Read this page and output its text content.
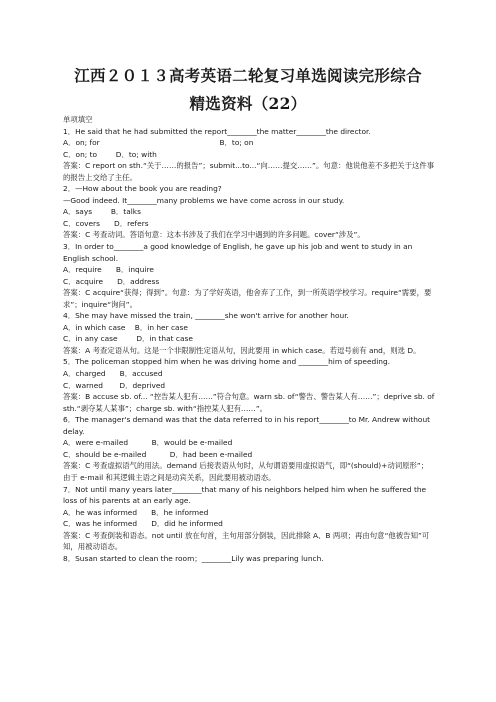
江西２０１３高考英语二轮复习单选阅读完形综合
精选资料（22）

单项填空

1．He said that he had submitted the report________the matter________the director.

A．on; for                                                   B．to; on

C．on; to        D．to; with

答案：C report on sth.“关于……的报告”；submit...to...“向……提交……”。句意：他说他差不多把关于这件事的报告上交给了主任。

2．—How about the book you are reading?

—Good indeed. It________many problems we have come across in our study.

A．says        B．talks

C．covers      D．refers

答案：C 考查动词。答语句意：这本书涉及了我们在学习中遇到的许多问题。cover“涉及”。

3．In order to________a good knowledge of English, he gave up his job and went to study in an English school.

A．require      B．inquire

C．acquire      D．address

答案：C acquire“获得；得到”。句意：为了学好英语，他舍弃了工作，到一所英语学校学习。require“需要，要求”；inquire“询问”。

4．She may have missed the train, ________she won't arrive for another hour.

A．in which case    B．in her case

C．in any case        D．in that case

答案：A 考查定语从句。这是一个非限制性定语从句，因此要用 in which case。若逗号前有 and，则选 D。

5．The policeman stopped him when he was driving home and ________him of speeding.

A．charged      B．accused

C．warned       D．deprived

答案：B accuse sb. of... “控告某人犯有……”符合句意。warn sb. of“警告、警告某人有……”；deprive sb. of sth.“剥夺某人某事”；charge sb. with“指控某人犯有……”。

6．The manager's demand was that the data referred to in his report________to Mr. Andrew without delay.

A．were e-mailed          B．would be e-mailed

C．should be e-mailed          D．had been e-mailed

答案：C 考查虚拟语气的用法。demand 后接表语从句时，从句谓语要用虚拟语气，即“(should)+动词原形”；由于 e-mail 和其逻辑主语之间是动宾关系，因此要用被动语态。

7．Not until many years later________that many of his neighbors helped him when he suffered the loss of his parents at an early age.

A．he was informed      B．he informed

C．was he informed      D．did he informed

答案：C 考查倒装和语态。not until 放在句首，主句用部分倒装，因此排除 A、B 两项；再由句意“他被告知”可知，用被动语态。

8．Susan started to clean the room；________Lily was preparing lunch.
